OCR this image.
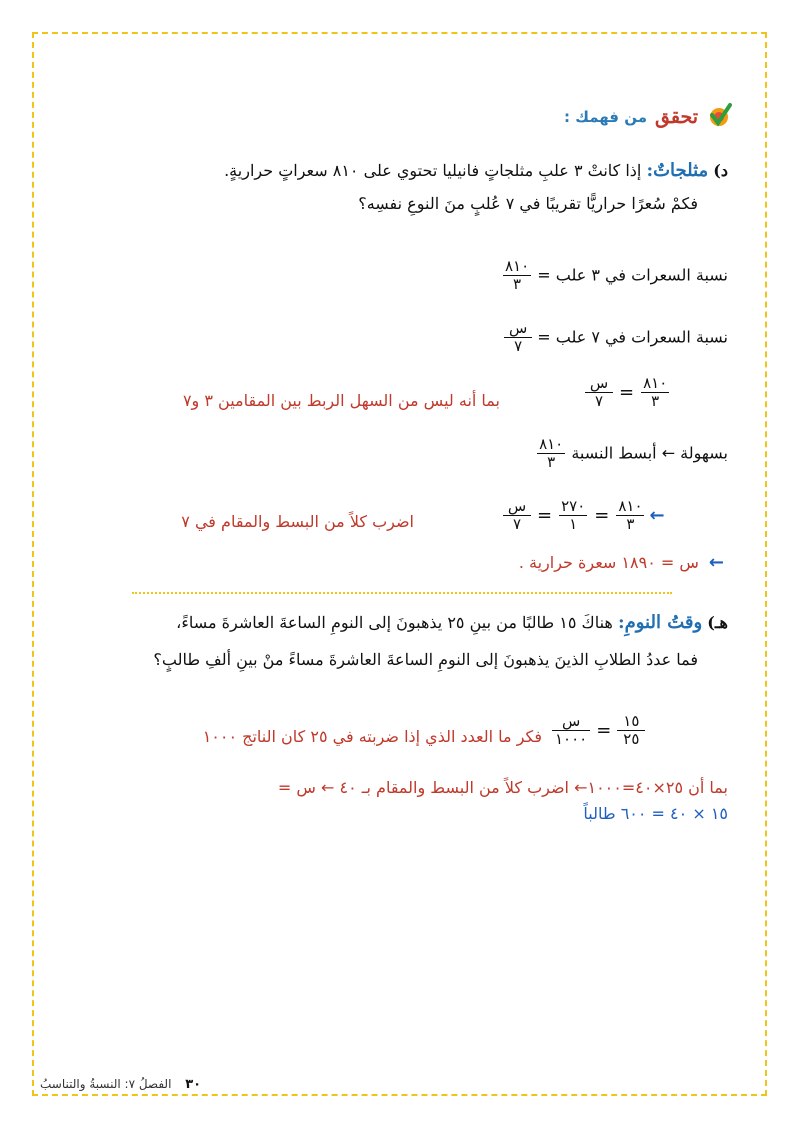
تحقق
من فهمك :
د) مثلجاتٌ: إذا كانتْ ٣ علبِ مثلجاتٍ فانيليا تحتوي على ٨١٠ سعراتٍ حراريةٍ.
فكمْ سُعرًا حراريًّا تقريبًا في ٧ عُلبٍ منَ النوعِ نفسِه؟
نسبة السعرات في ٣ علب =
$\frac{٨١٠}{٣}$
نسبة السعرات في ٧ علب =
$\frac{\text{س}}{٧}$
$\frac{\text{س}}{٧} = \frac{٨١٠}{٣}$
بما أنه ليس من السهل الربط بين المقامين ٣ و٧
بسهولة ← أبسط النسبة
$\frac{٨١٠}{٣}$
$\frac{\text{س}}{٧} = \frac{٢٧٠}{١} = \frac{٨١٠}{٣}$ ←
اضرب كلاً من البسط والمقام في ٧
←
س = ١٨٩٠ سعرة حرارية .
هـ) وقتُ النومِ: هناكَ ١٥ طالبًا من بينِ ٢٥ يذهبونَ إلى النومِ الساعةَ العاشرةَ مساءً،
فما عددُ الطلابِ الذينَ يذهبونَ إلى النومِ الساعةَ العاشرةَ مساءً منْ بينِ ألفِ طالبٍ؟
$\frac{\text{س}}{١٠٠٠} = \frac{١٥}{٢٥}$
فكر ما العدد الذي إذا ضربته في ٢٥ كان الناتج ١٠٠٠
بما أن ٢٥×٤٠=١٠٠٠← اضرب كلاً من البسط والمقام بـ ٤٠ ← س =
١٥ × ٤٠ = ٦٠٠ طالباً
٣٠ الفصلُ ٧: النسبةُ والتناسبُ
